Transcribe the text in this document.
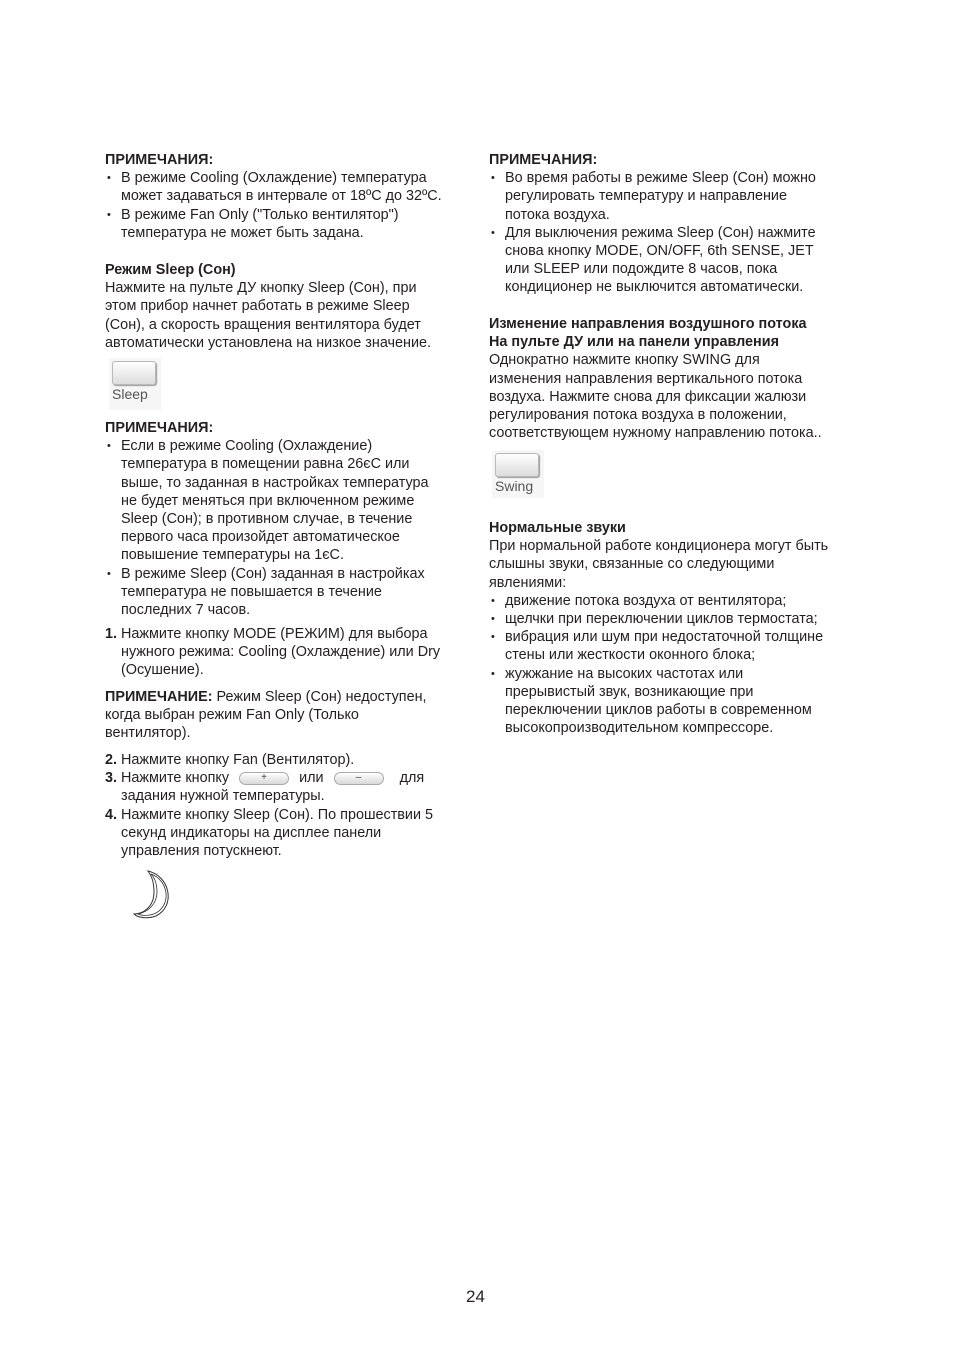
ПРИМЕЧАНИЯ:
• В режиме Cooling (Охлаждение) температура
может задаваться в интервале от 18ºC до 32ºC.
• В режиме Fan Only ("Только вентилятор")
температура не может быть задана.
Режим Sleep (Сон)
Нажмите на пульте ДУ кнопку Sleep (Сон), при
этом прибор начнет работать в режиме Sleep
(Сон), а скорость вращения вентилятора будет
автоматически установлена на низкое значение.
Sleep
ПРИМЕЧАНИЯ:
• Если в режиме Cooling (Охлаждение)
температура в помещении равна 26єC или
выше, то заданная в настройках температура
не будет меняться при включенном режиме
Sleep (Сон); в противном случае, в течение
первого часа произойдет автоматическое
повышение температуры на 1єC.
• В режиме Sleep (Сон) заданная в настройках
температура не повышается в течение
последних 7 часов.
1. Нажмите кнопку MODE (РЕЖИМ) для выбора
нужного режима: Cooling (Охлаждение) или Dry
(Осушение).
ПРИМЕЧАНИЕ: Режим Sleep (Сон) недоступен,
когда выбран режим Fan Only (Только
вентилятор).
2. Нажмите кнопку Fan (Вентилятор).
3. Нажмите кнопку	+ или	–	для
задания нужной температуры.
4. Нажмите кнопку Sleep (Сон). По прошествии 5
секунд индикаторы на дисплее панели
управления потускнеют.
ПРИМЕЧАНИЯ:
• Во время работы в режиме Sleep (Сон) можно
регулировать температуру и направление
потока воздуха.
• Для выключения режима Sleep (Сон) нажмите
снова кнопку MODE, ON/OFF, 6th SENSE, JET
или SLEEP или подождите 8 часов, пока
кондиционер не выключится автоматически.
Изменение направления воздушного потока
На пульте ДУ или на панели управления
Однократно нажмите кнопку SWING для
изменения направления вертикального потока
воздуха. Нажмите снова для фиксации жалюзи
регулирования потока воздуха в положении,
соответствующем нужному направлению потока..
Swing
Нормальные звуки
При нормальной работе кондиционера могут быть
слышны звуки, связанные со следующими
явлениями:
• движение потока воздуха от вентилятора;
• щелчки при переключении циклов термостата;
• вибрация или шум при недостаточной толщине
стены или жесткости оконного блока;
• жужжание на высоких частотах или
прерывистый звук, возникающие при
переключении циклов работы в современном
высокопроизводительном компрессоре.
24
